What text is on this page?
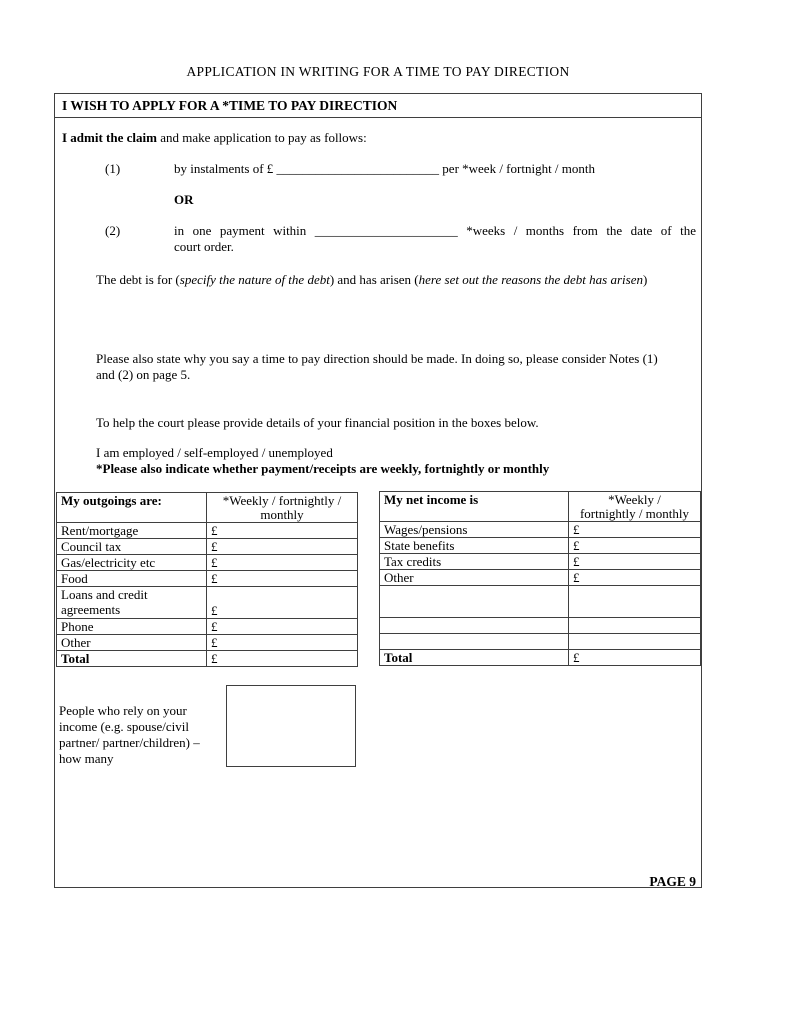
APPLICATION IN WRITING FOR A TIME TO PAY DIRECTION
I WISH TO APPLY FOR A *TIME TO PAY DIRECTION
I admit the claim and make application to pay as follows:
(1)	by instalments of £ _________________________ per *week / fortnight / month
OR
(2)	in one payment within ______________________ *weeks / months from the date of the
court order.
The debt is for (specify the nature of the debt) and has arisen (here set out the reasons the debt has arisen)
Please also state why you say a time to pay direction should be made. In doing so, please consider Notes (1)
and (2) on page 5.
To help the court please provide details of your financial position in the boxes below.
I am employed / self-employed / unemployed
*Please also indicate whether payment/receipts are weekly, fortnightly or monthly
My outgoings are:	*Weekly / fortnightly /
monthly

Rent/mortgage	£
Council tax	£
Gas/electricity etc	£
Food	£
Loans and credit agreements	£
Phone	£
Other	£
Total	£
My net income is	*Weekly /
fortnightly / monthly

Wages/pensions	£
State benefits	£
Tax credits	£
Other	£

Total	£
People who rely on your
income (e.g. spouse/civil
partner/ partner/children) –
how many
PAGE 9
